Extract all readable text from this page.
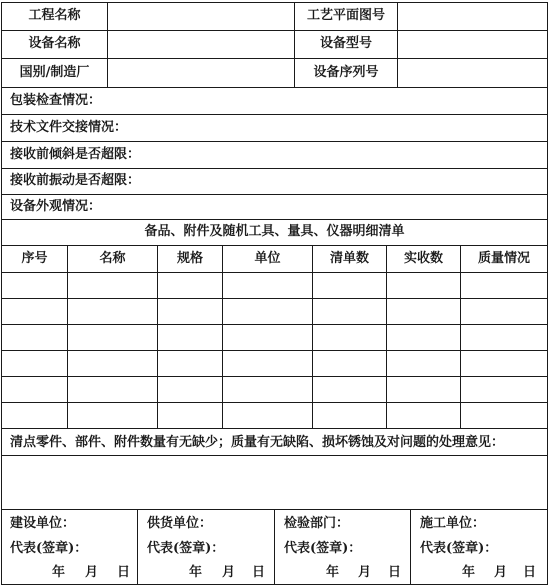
工程名称	工艺平面图号
设备名称	设备型号
国别/制造厂	设备序列号
包装检查情况：
技术文件交接情况：
接收前倾斜是否超限：
接收前振动是否超限：
设备外观情况：
备品、附件及随机工具、量具、仪器明细清单
序号	名称	规格	单位	清单数	实收数	质量情况
清点零件、部件、附件数量有无缺少；质量有无缺陷、损坏锈蚀及对问题的处理意见：
建设单位：
代表(签章)：
年 月 日
供货单位：
代表(签章)：
年 月 日
检验部门：
代表(签章)：
年 月 日
施工单位：
代表(签章)：
年 月 日
